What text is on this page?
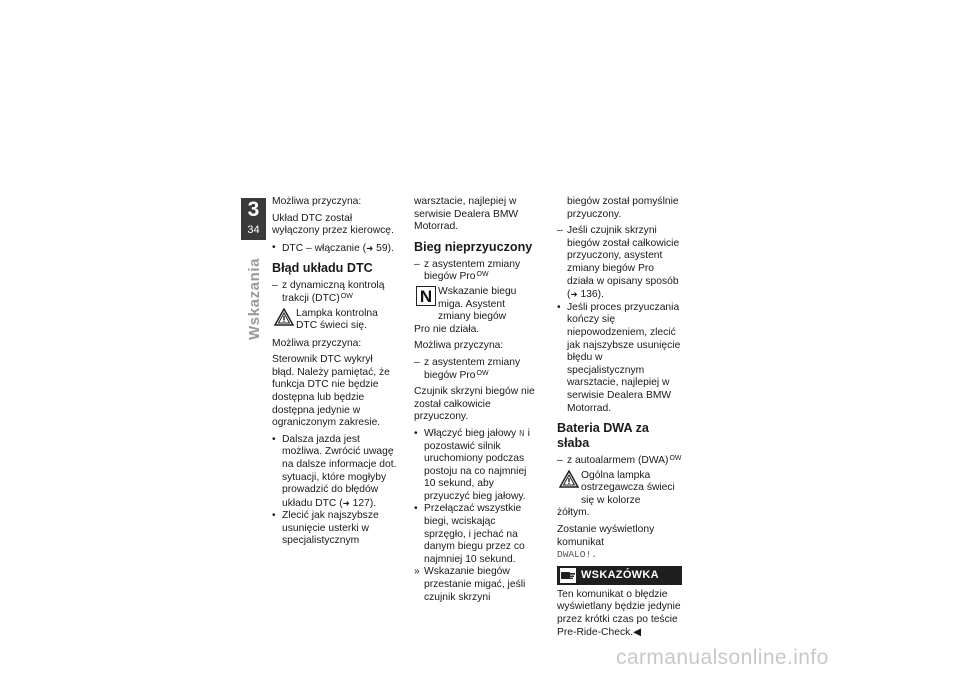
3
34
Wskazania

Możliwa przyczyna:

Układ DTC został wyłączony przez kierowcę.

• DTC – włączanie (➜ 59).
Błąd układu DTC
– z dynamiczną kontrolą trakcji (DTC)$^{OW}$
Lampka kontrolna DTC świeci się.

Możliwa przyczyna:

Sterownik DTC wykrył błąd. Należy pamiętać, że funkcja DTC nie będzie dostępna lub będzie dostępna jedynie w ograniczonym zakresie.

• Dalsza jazda jest możliwa. Zwrócić uwagę na dalsze informacje dot. sytuacji, które mogłyby prowadzić do błędów układu DTC (➜ 127).
• Zlecić jak najszybsze usunięcie usterki w specjalistycznym

warsztacie, najlepiej w serwisie Dealera BMW Motorrad.

Bieg nieprzyuczony
– z asystentem zmiany biegów Pro$^{OW}$
N Wskazanie biegu miga. Asystent zmiany biegów

Pro nie działa.

Możliwa przyczyna:

– z asystentem zmiany biegów Pro$^{OW}$

Czujnik skrzyni biegów nie został całkowicie przyuczony.

• Włączyć bieg jałowy N i pozostawić silnik uruchomiony podczas postoju na co najmniej 10 sekund, aby przyuczyć bieg jałowy.
• Przełączać wszystkie biegi, wciskając sprzęgło, i jechać na danym biegu przez co najmniej 10 sekund.
» Wskazanie biegów przestanie migać, jeśli czujnik skrzyni

biegów został pomyślnie przyuczony.

– Jeśli czujnik skrzyni biegów został całkowicie przyuczony, asystent zmiany biegów Pro działa w opisany sposób (➜ 136).
• Jeśli proces przyuczania kończy się niepowodzeniem, zlecić jak najszybsze usunięcie błędu w specjalistycznym warsztacie, najlepiej w serwisie Dealera BMW Motorrad.
Bateria DWA za słaba
– z autoalarmem (DWA)$^{OW}$
Ogólna lampka ostrzegawcza świeci się w kolorze

żółtym.

Zostanie wyświetlony komunikat
DWALO!.

WSKAZÓWKA

Ten komunikat o błędzie wyświetlany będzie jedynie przez krótki czas po teście Pre-Ride-Check.◀

carmanualsonline.info
